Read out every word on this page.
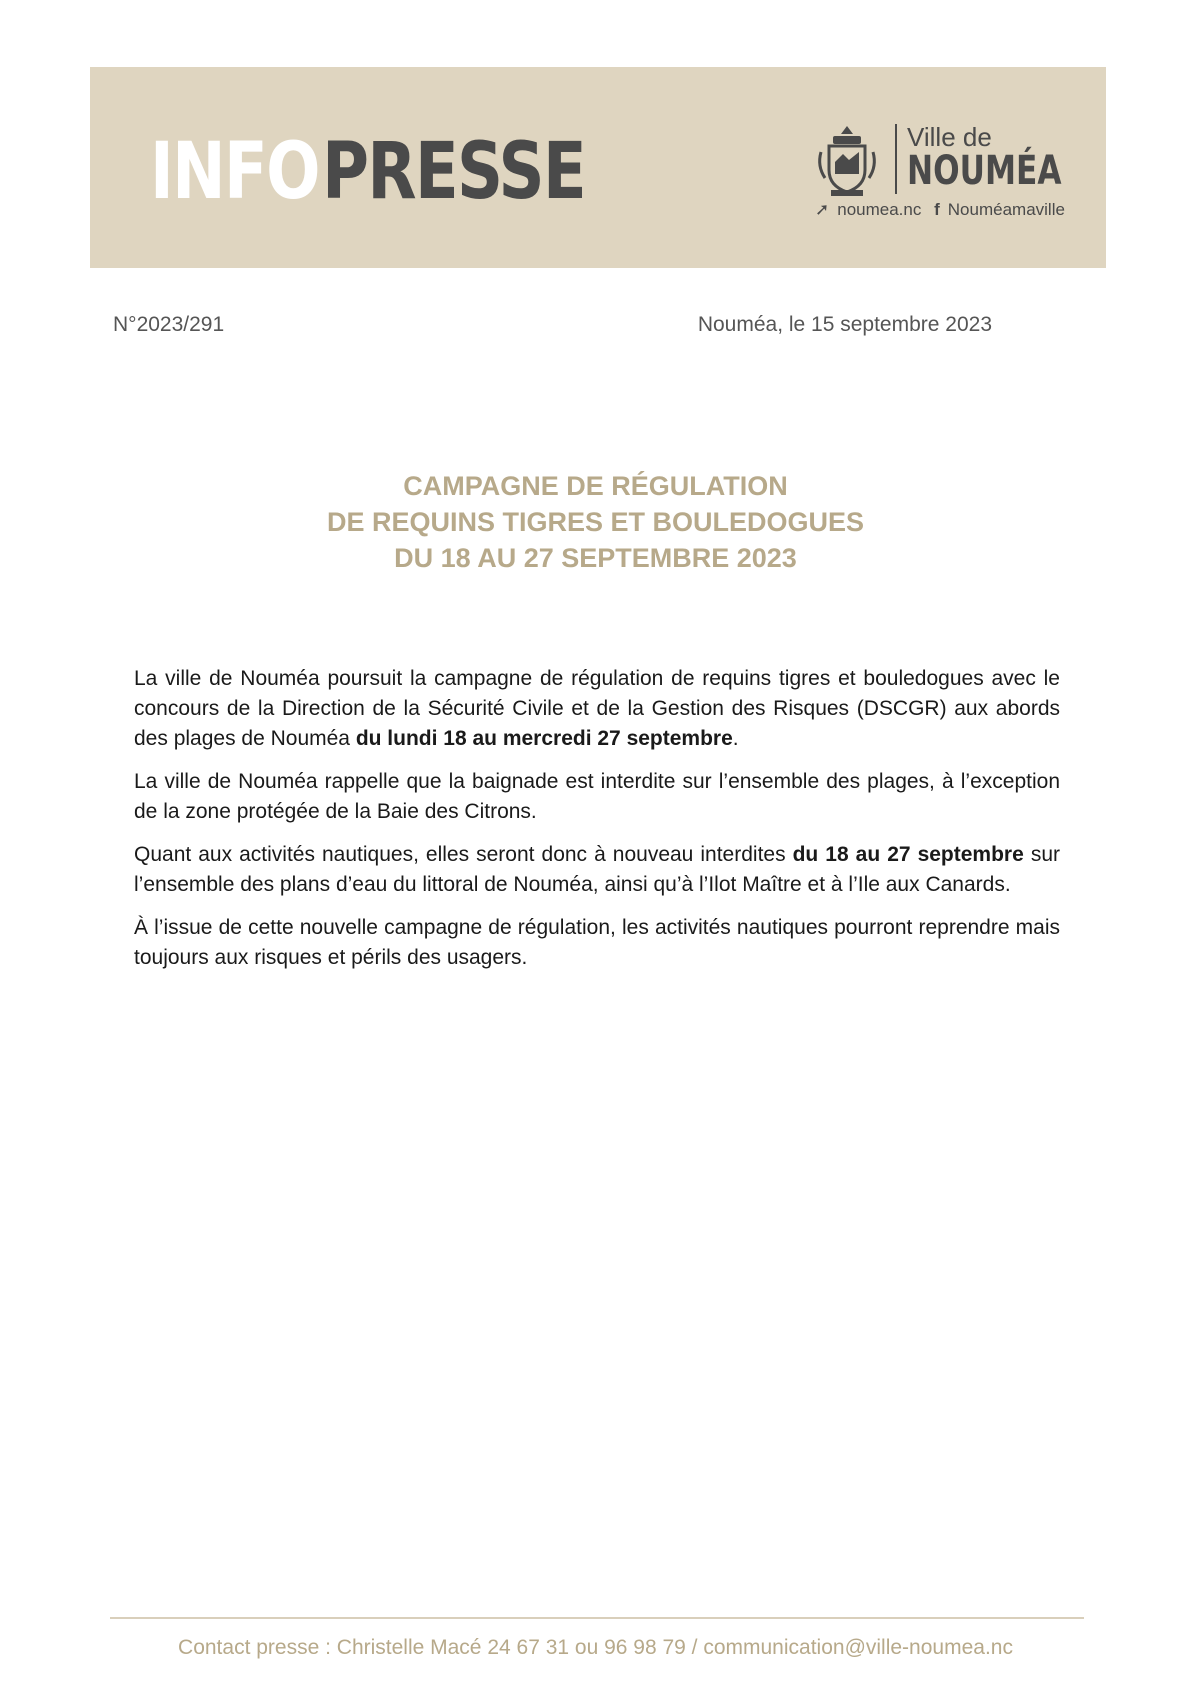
INFOPRESSE	Ville de
NOUMÉA
➚ noumea.nc f Nouméamaville
N°2023/291	Nouméa, le 15 septembre 2023
CAMPAGNE DE RÉGULATION
DE REQUINS TIGRES ET BOULEDOGUES
DU 18 AU 27 SEPTEMBRE 2023

La ville de Nouméa poursuit la campagne de régulation de requins tigres et bouledogues avec le concours de la Direction de la Sécurité Civile et de la Gestion des Risques (DSCGR) aux abords des plages de Nouméa du lundi 18 au mercredi 27 septembre.

La ville de Nouméa rappelle que la baignade est interdite sur l’ensemble des plages, à l’exception de la zone protégée de la Baie des Citrons.

Quant aux activités nautiques, elles seront donc à nouveau interdites du 18 au 27 septembre sur l’ensemble des plans d’eau du littoral de Nouméa, ainsi qu’à l’Ilot Maître et à l’Ile aux Canards.

À l’issue de cette nouvelle campagne de régulation, les activités nautiques pourront reprendre mais toujours aux risques et périls des usagers.

Contact presse : Christelle Macé 24 67 31 ou 96 98 79 / communication@ville-noumea.nc
